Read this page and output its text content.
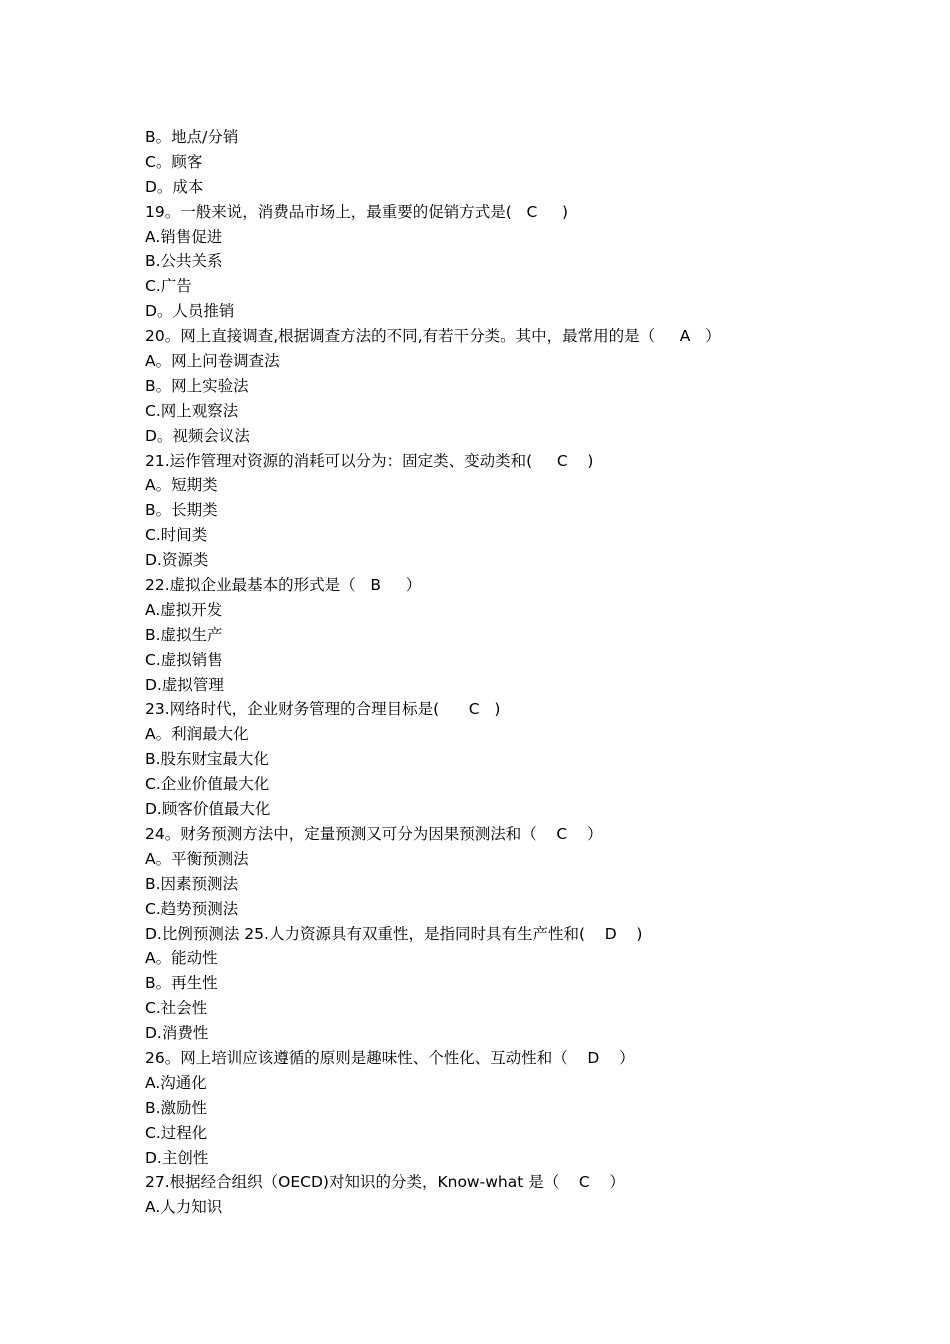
B。地点/分销
C。顾客
D。成本
19。一般来说，消费品市场上，最重要的促销方式是(   C     )
A.销售促进
B.公共关系
C.广告
D。人员推销
20。网上直接调查,根据调查方法的不同,有若干分类。其中，最常用的是（     A   ）
A。网上问卷调查法
B。网上实验法
C.网上观察法
D。视频会议法
21.运作管理对资源的消耗可以分为：固定类、变动类和(     C    )
A。短期类
B。长期类
C.时间类
D.资源类
22.虚拟企业最基本的形式是（   B     ）
A.虚拟开发
B.虚拟生产
C.虚拟销售
D.虚拟管理
23.网络时代，企业财务管理的合理目标是(      C   )
A。利润最大化
B.股东财宝最大化
C.企业价值最大化
D.顾客价值最大化
24。财务预测方法中，定量预测又可分为因果预测法和（    C    ）
A。平衡预测法
B.因素预测法
C.趋势预测法
D.比例预测法 25.人力资源具有双重性，是指同时具有生产性和(    D    )
A。能动性
B。再生性
C.社会性
D.消费性
26。网上培训应该遵循的原则是趣味性、个性化、互动性和（    D    ）
A.沟通化
B.激励性
C.过程化
D.主创性
27.根据经合组织（OECD)对知识的分类，Know-what 是（    C    ）
A.人力知识
